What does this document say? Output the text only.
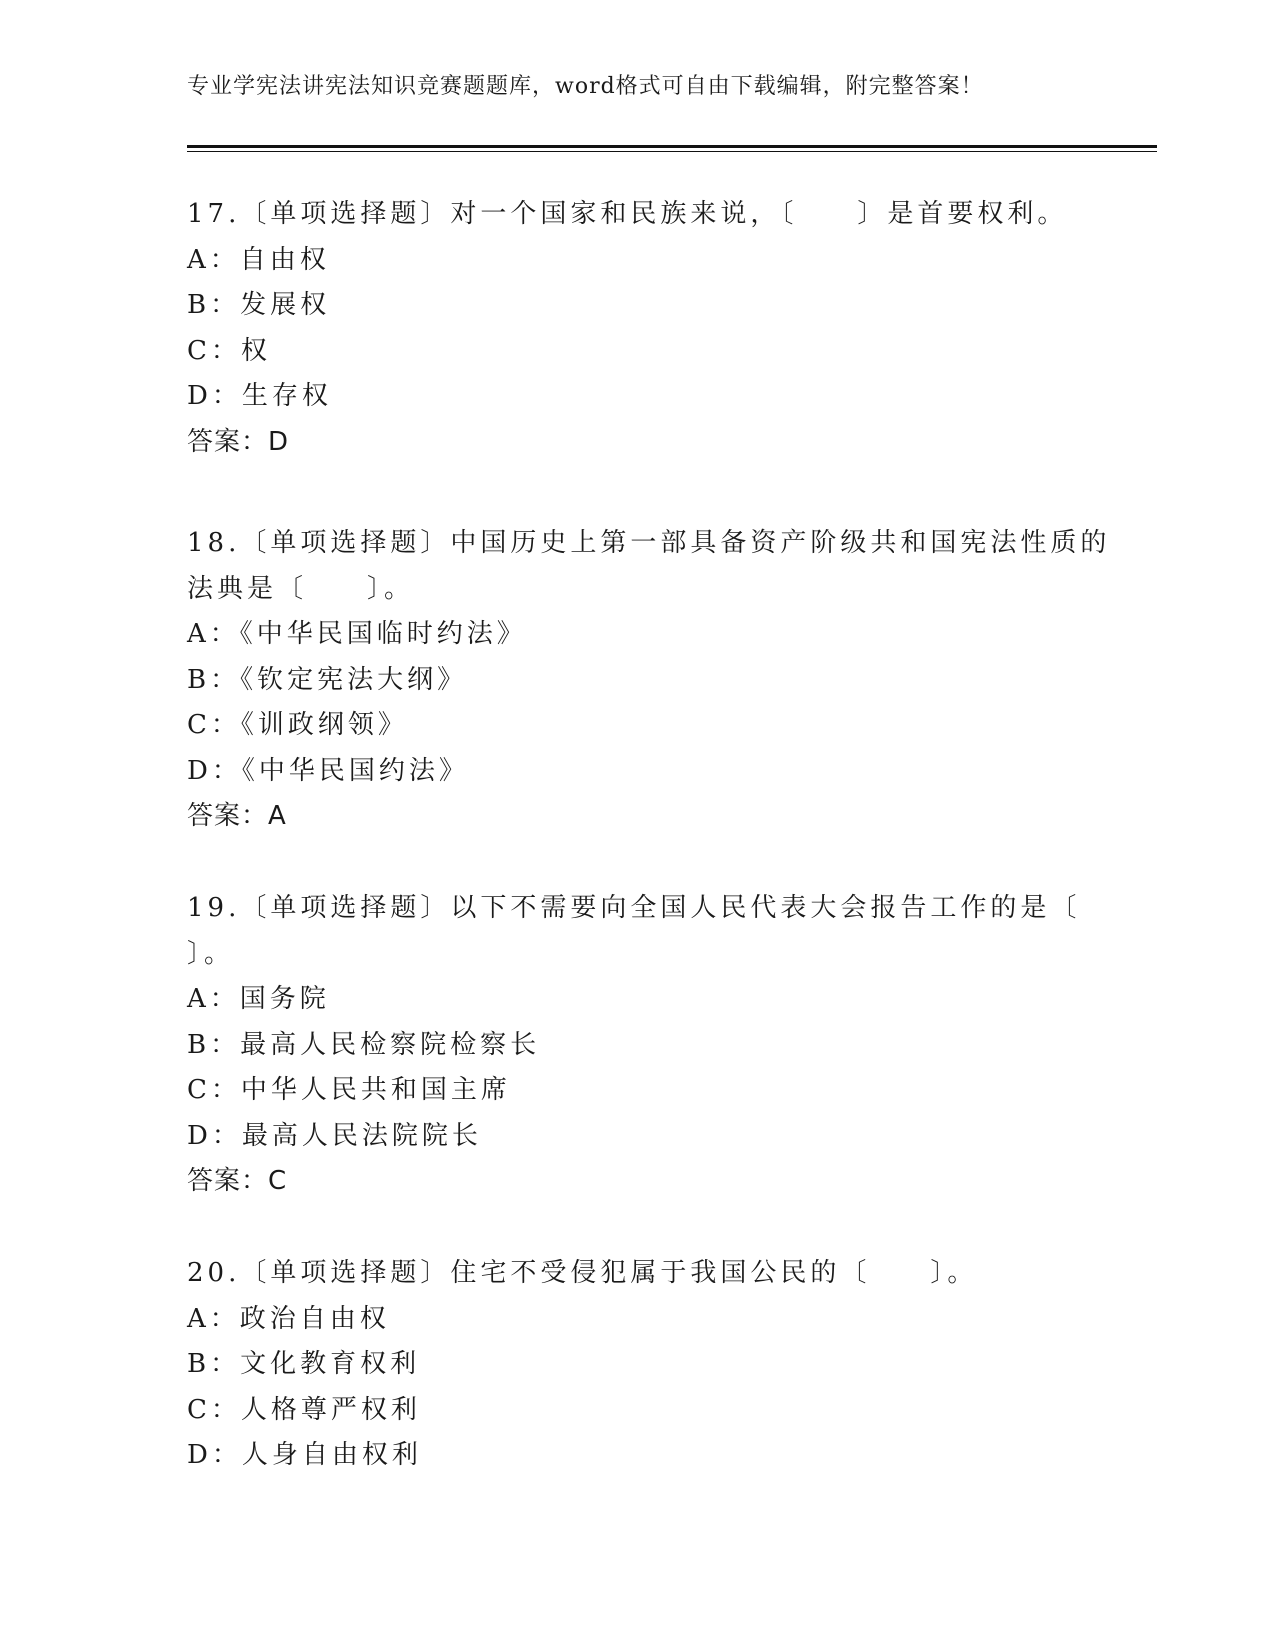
专业学宪法讲宪法知识竞赛题题库，word格式可自由下载编辑，附完整答案！
17.〔单项选择题〕对一个国家和民族来说，〔　　〕是首要权利。
A：自由权
B：发展权
C：权
D：生存权
答案：D
18.〔单项选择题〕中国历史上第一部具备资产阶级共和国宪法性质的
法典是〔　　〕。
A：《中华民国临时约法》
B：《钦定宪法大纲》
C：《训政纲领》
D：《中华民国约法》
答案：A
19.〔单项选择题〕以下不需要向全国人民代表大会报告工作的是〔
〕。
A：国务院
B：最高人民检察院检察长
C：中华人民共和国主席
D：最高人民法院院长
答案：C
20.〔单项选择题〕住宅不受侵犯属于我国公民的〔　　〕。
A：政治自由权
B：文化教育权利
C：人格尊严权利
D：人身自由权利
